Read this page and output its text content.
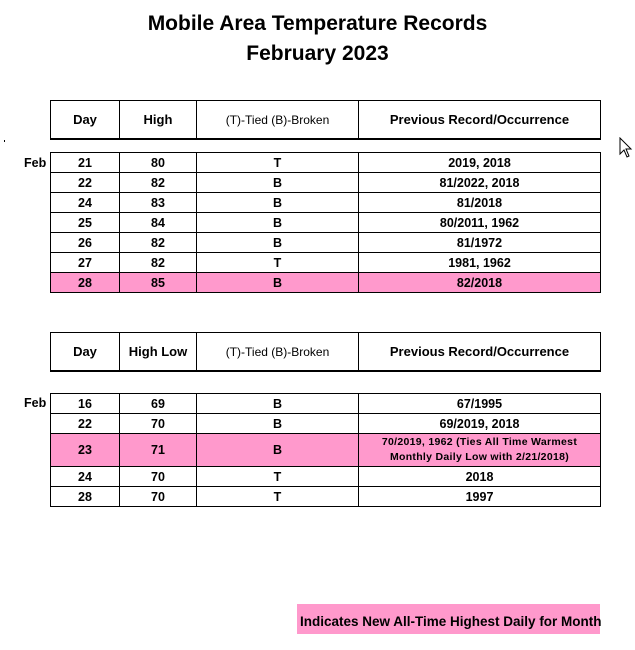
Mobile Area Temperature Records
February 2023
Day	High	(T)-Tied (B)-Broken	Previous Record/Occurrence
Feb	21	80	T	2019, 2018
22	82	B	81/2022, 2018
24	83	B	81/2018
25	84	B	80/2011, 1962
26	82	B	81/1972
27	82	T	1981, 1962
28	85	B	82/2018
Day	High Low	(T)-Tied (B)-Broken	Previous Record/Occurrence
Feb	16	69	B	67/1995
22	70	B	69/2019, 2018
23	71	B	70/2019, 1962 (Ties All Time Warmest
Monthly Daily Low with 2/21/2018)

24	70	T	2018
28	70	T	1997
Indicates New All-Time Highest Daily for Month
